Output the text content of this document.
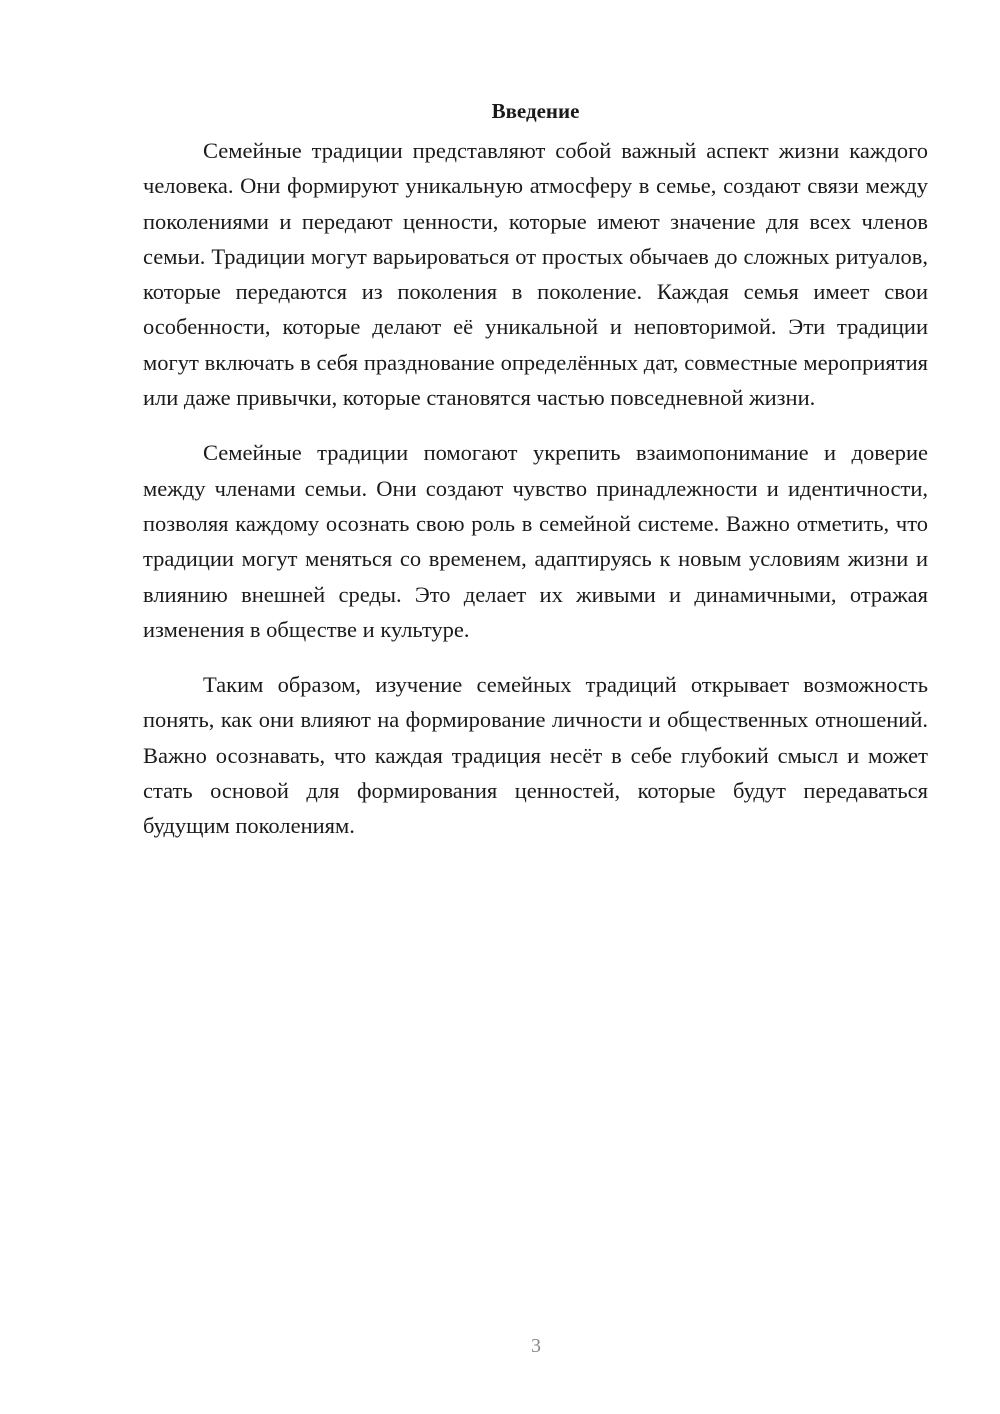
Введение

Семейные традиции представляют собой важный аспект жизни каждого человека. Они формируют уникальную атмосферу в семье, создают связи между поколениями и передают ценности, которые имеют значение для всех членов семьи. Традиции могут варьироваться от простых обычаев до сложных ритуалов, которые передаются из поколения в поколение. Каждая семья имеет свои особенности, которые делают её уникальной и неповторимой. Эти традиции могут включать в себя празднование определённых дат, совместные мероприятия или даже привычки, которые становятся частью повседневной жизни.

Семейные традиции помогают укрепить взаимопонимание и доверие между членами семьи. Они создают чувство принадлежности и идентичности, позволяя каждому осознать свою роль в семейной системе. Важно отметить, что традиции могут меняться со временем, адаптируясь к новым условиям жизни и влиянию внешней среды. Это делает их живыми и динамичными, отражая изменения в обществе и культуре.

Таким образом, изучение семейных традиций открывает возможность понять, как они влияют на формирование личности и общественных отношений. Важно осознавать, что каждая традиция несёт в себе глубокий смысл и может стать основой для формирования ценностей, которые будут передаваться будущим поколениям.

3
